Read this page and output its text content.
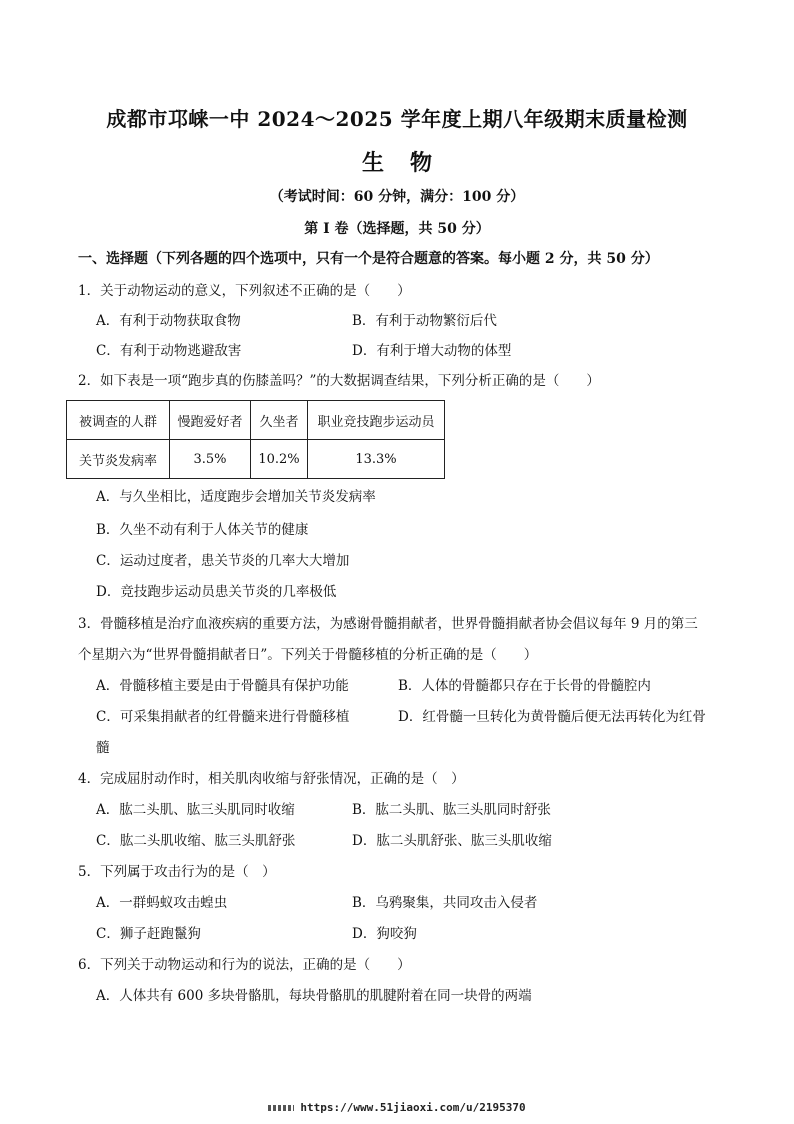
成都市邛崃一中 2024～2025 学年度上期八年级期末质量检测
生物
（考试时间：60 分钟，满分：100 分）
第 I 卷（选择题，共 50 分）
一、选择题（下列各题的四个选项中，只有一个是符合题意的答案。每小题 2 分，共 50 分）
1．关于动物运动的意义，下列叙述不正确的是（　　）
A．有利于动物获取食物	B．有利于动物繁衍后代
C．有利于动物逃避敌害	D．有利于增大动物的体型
2．如下表是一项“跑步真的伤膝盖吗？”的大数据调查结果，下列分析正确的是（　　）
被调查的人群	慢跑爱好者	久坐者	职业竞技跑步运动员
关节炎发病率	3.5%	10.2%	13.3%
A．与久坐相比，适度跑步会增加关节炎发病率
B．久坐不动有利于人体关节的健康
C．运动过度者，患关节炎的几率大大增加
D．竞技跑步运动员患关节炎的几率极低
3．骨髓移植是治疗血液疾病的重要方法，为感谢骨髓捐献者，世界骨髓捐献者协会倡议每年 9 月的第三
个星期六为“世界骨髓捐献者日”。下列关于骨髓移植的分析正确的是（　　）
A．骨髓移植主要是由于骨髓具有保护功能	B．人体的骨髓都只存在于长骨的骨髓腔内
C．可采集捐献者的红骨髓来进行骨髓移植	D．红骨髓一旦转化为黄骨髓后便无法再转化为红骨
髓
4．完成屈肘动作时，相关肌肉收缩与舒张情况，正确的是（　）
A．肱二头肌、肱三头肌同时收缩	B．肱二头肌、肱三头肌同时舒张
C．肱二头肌收缩、肱三头肌舒张	D．肱二头肌舒张、肱三头肌收缩
5．下列属于攻击行为的是（　）
A．一群蚂蚁攻击蝗虫	B．乌鸦聚集，共同攻击入侵者
C．狮子赶跑鬣狗	D．狗咬狗
6．下列关于动物运动和行为的说法，正确的是（　　）
A．人体共有 600 多块骨骼肌，每块骨骼肌的肌腱附着在同一块骨的两端
https://www.51jiaoxi.com/u/2195370
